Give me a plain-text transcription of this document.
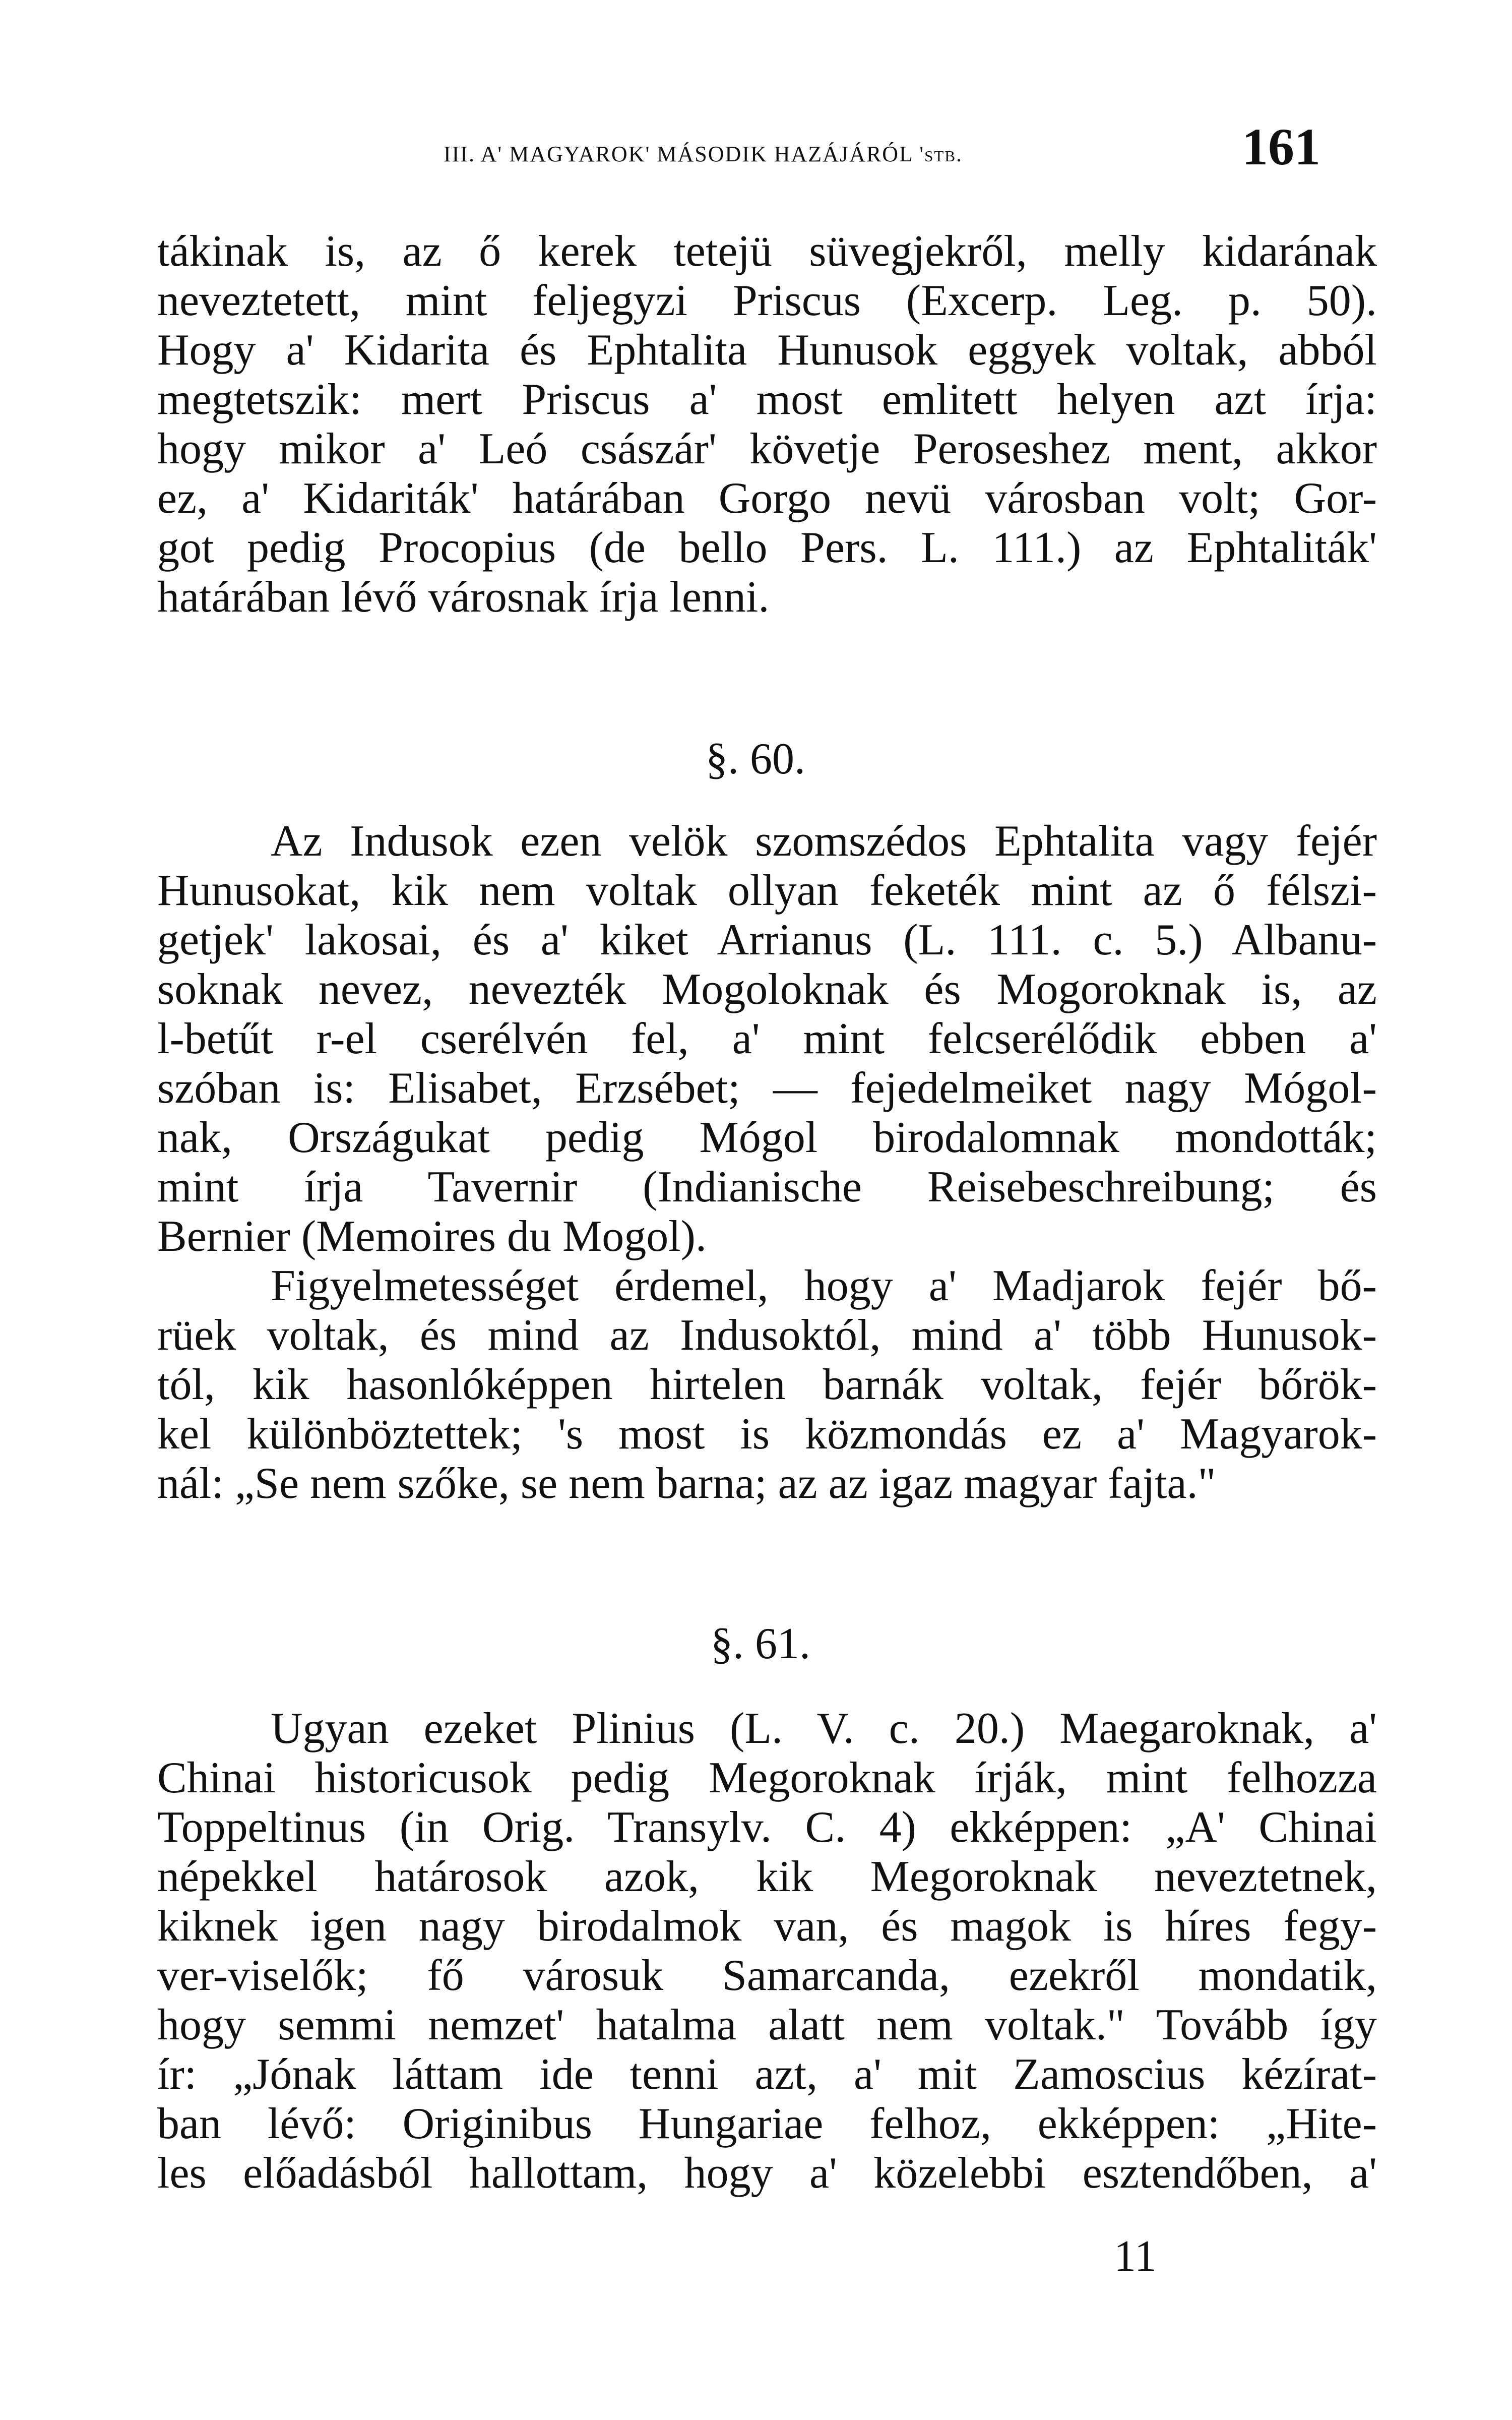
III. A' MAGYAROK' MÁSODIK HAZÁJÁRÓL 'stb.	161
tákinak is, az ő kerek tetejü süvegjekről, melly kidarának
neveztetett, mint feljegyzi Priscus (Excerp. Leg. p. 50).
Hogy a' Kidarita és Ephtalita Hunusok eggyek voltak, abból
megtetszik: mert Priscus a' most emlitett helyen azt írja:
hogy mikor a' Leó császár' követje Peroseshez ment, akkor
ez, a' Kidariták' határában Gorgo nevü városban volt; Gor-
got pedig Procopius (de bello Pers. L. 111.) az Ephtaliták'
határában lévő városnak írja lenni.
§. 60.
Az Indusok ezen velök szomszédos Ephtalita vagy fejér
Hunusokat, kik nem voltak ollyan feketék mint az ő félszi-
getjek' lakosai, és a' kiket Arrianus (L. 111. c. 5.) Albanu-
soknak nevez, nevezték Mogoloknak és Mogoroknak is, az
l-betűt r-el cserélvén fel, a' mint felcserélődik ebben a'
szóban is: Elisabet, Erzsébet; — fejedelmeiket nagy Mógol-
nak, Országukat pedig Mógol birodalomnak mondották;
mint írja Tavernir (Indianische Reisebeschreibung; és
Bernier (Memoires du Mogol).
Figyelmetességet érdemel, hogy a' Madjarok fejér bő-
rüek voltak, és mind az Indusoktól, mind a' több Hunusok-
tól, kik hasonlóképpen hirtelen barnák voltak, fejér bőrök-
kel különböztettek; 's most is közmondás ez a' Magyarok-
nál: „Se nem szőke, se nem barna; az az igaz magyar fajta."
§. 61.
Ugyan ezeket Plinius (L. V. c. 20.) Maegaroknak, a'
Chinai historicusok pedig Megoroknak írják, mint felhozza
Toppeltinus (in Orig. Transylv. C. 4) ekképpen: „A' Chinai
népekkel határosok azok, kik Megoroknak neveztetnek,
kiknek igen nagy birodalmok van, és magok is híres fegy-
ver-viselők; fő városuk Samarcanda, ezekről mondatik,
hogy semmi nemzet' hatalma alatt nem voltak." Tovább így
ír: „Jónak láttam ide tenni azt, a' mit Zamoscius kézírat-
ban lévő: Originibus Hungariae felhoz, ekképpen: „Hite-
les előadásból hallottam, hogy a' közelebbi esztendőben, a'
11
